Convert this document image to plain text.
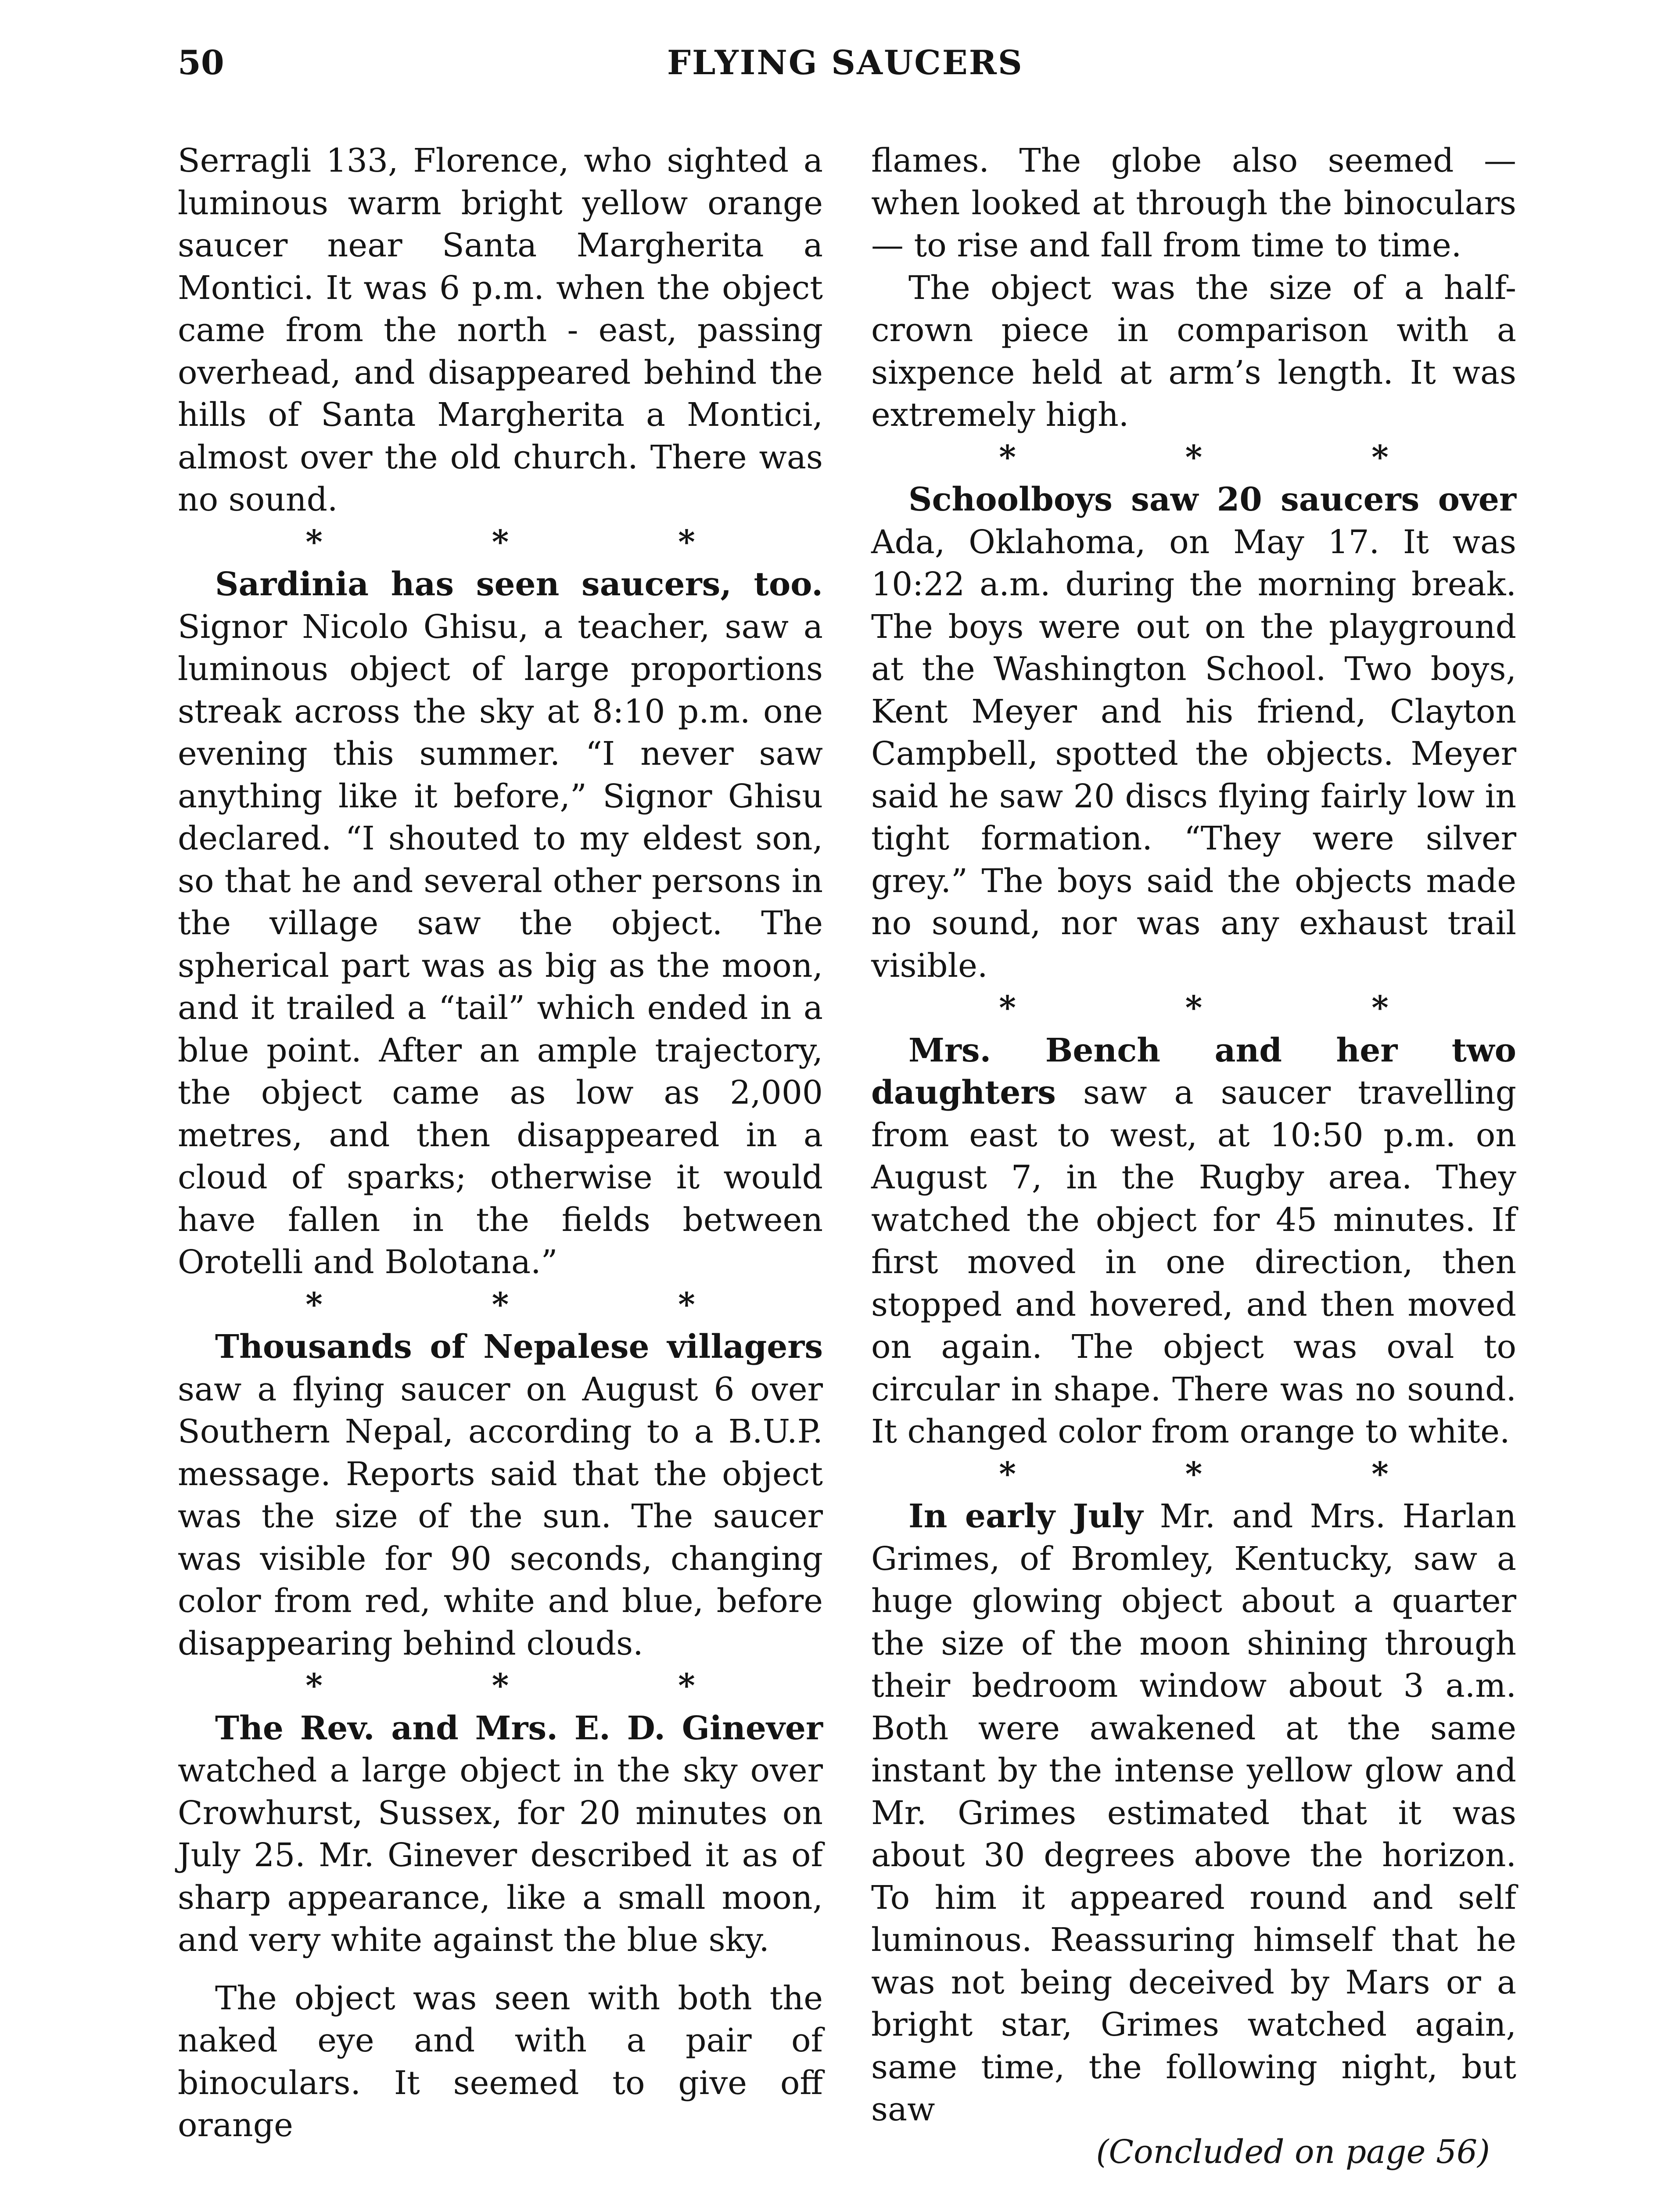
50	FLYING SAUCERS

Serragli 133, Florence, who sighted a luminous warm bright yellow orange saucer near Santa Margherita a Montici. It was 6 p.m. when the object came from the north - east, passing overhead, and disappeared behind the hills of Santa Margherita a Montici, almost over the old church. There was no sound.

* * *

Sardinia has seen saucers, too. Signor Nicolo Ghisu, a teacher, saw a luminous object of large proportions streak across the sky at 8:10 p.m. one evening this summer. “I never saw anything like it before,” Signor Ghisu declared. “I shouted to my eldest son, so that he and several other persons in the village saw the object. The spherical part was as big as the moon, and it trailed a “tail” which ended in a blue point. After an ample trajectory, the object came as low as 2,000 metres, and then disappeared in a cloud of sparks; otherwise it would have fallen in the fields between Orotelli and Bolotana.”

* * *

Thousands of Nepalese villagers saw a flying saucer on August 6 over Southern Nepal, according to a B.U.P. message. Reports said that the object was the size of the sun. The saucer was visible for 90 seconds, changing color from red, white and blue, before disappearing behind clouds.

* * *

The Rev. and Mrs. E. D. Ginever watched a large object in the sky over Crowhurst, Sussex, for 20 minutes on July 25. Mr. Ginever described it as of sharp appearance, like a small moon, and very white against the blue sky.

The object was seen with both the naked eye and with a pair of binoculars. It seemed to give off orange

flames. The globe also seemed — when looked at through the binoculars — to rise and fall from time to time.

The object was the size of a half-crown piece in comparison with a sixpence held at arm’s length. It was extremely high.

* * *

Schoolboys saw 20 saucers over Ada, Oklahoma, on May 17. It was 10:22 a.m. during the morning break. The boys were out on the playground at the Washington School. Two boys, Kent Meyer and his friend, Clayton Campbell, spotted the objects. Meyer said he saw 20 discs flying fairly low in tight formation. “They were silver grey.” The boys said the objects made no sound, nor was any exhaust trail visible.

* * *

Mrs. Bench and her two daughters saw a saucer travelling from east to west, at 10:50 p.m. on August 7, in the Rugby area. They watched the object for 45 minutes. If first moved in one direction, then stopped and hovered, and then moved on again. The object was oval to circular in shape. There was no sound. It changed color from orange to white.

* * *

In early July Mr. and Mrs. Harlan Grimes, of Bromley, Kentucky, saw a huge glowing object about a quarter the size of the moon shining through their bedroom window about 3 a.m. Both were awakened at the same instant by the intense yellow glow and Mr. Grimes estimated that it was about 30 degrees above the horizon. To him it appeared round and self luminous. Reassuring himself that he was not being deceived by Mars or a bright star, Grimes watched again, same time, the following night, but saw

(Concluded on page 56)
